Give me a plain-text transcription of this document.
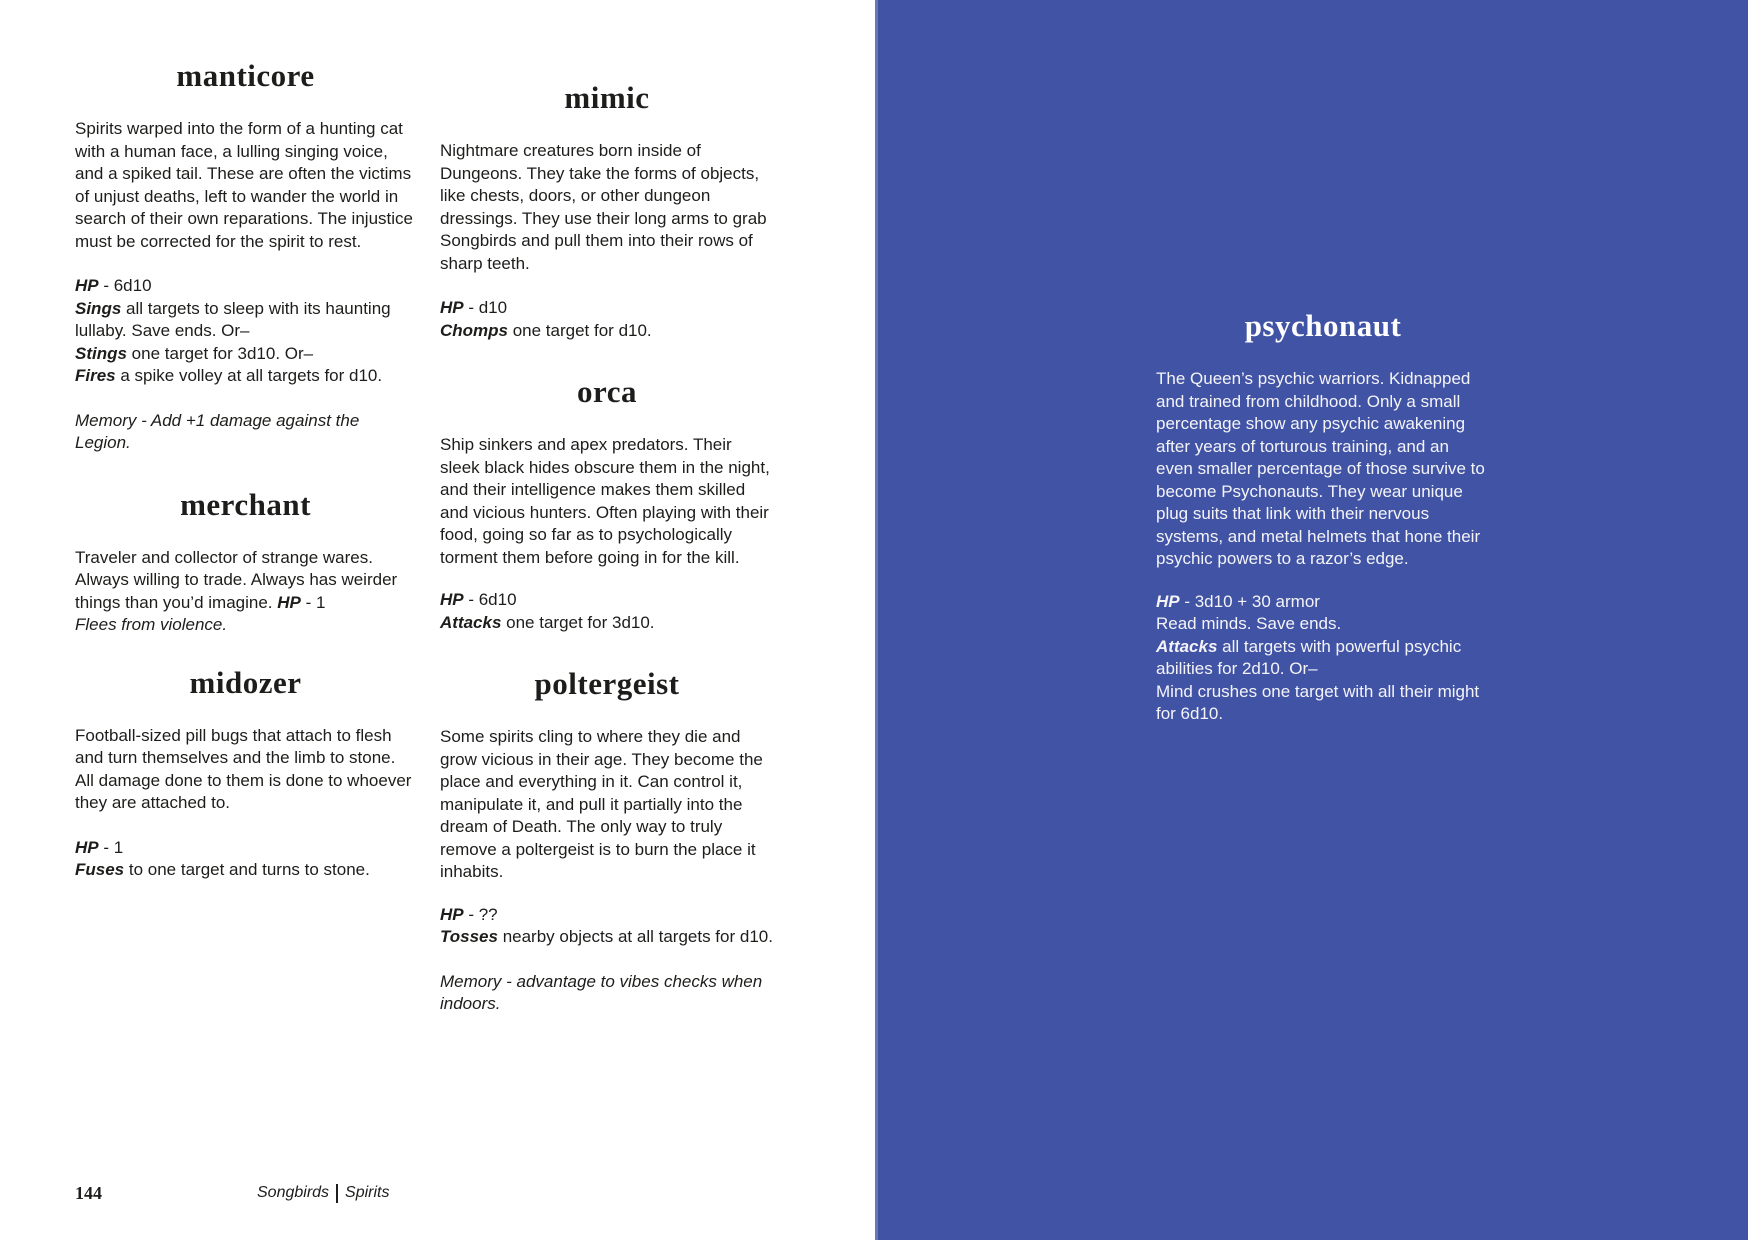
manticore

Spirits warped into the form of a hunting cat with a human face, a lulling singing voice, and a spiked tail. These are often the victims of unjust deaths, left to wander the world in search of their own reparations. The injustice must be corrected for the spirit to rest.

HP - 6d10
Sings all targets to sleep with its haunting lullaby. Save ends. Or–
Stings one target for 3d10. Or–
Fires a spike volley at all targets for d10.

Memory - Add +1 damage against the Legion.

merchant

Traveler and collector of strange wares. Always willing to trade. Always has weirder things than you’d imagine. HP - 1
Flees from violence.

midozer

Football-sized pill bugs that attach to flesh and turn themselves and the limb to stone. All damage done to them is done to whoever they are attached to.

HP - 1
Fuses to one target and turns to stone.
mimic

Nightmare creatures born inside of Dungeons. They take the forms of objects, like chests, doors, or other dungeon dressings. They use their long arms to grab Songbirds and pull them into their rows of sharp teeth.

HP - d10
Chomps one target for d10.
orca

Ship sinkers and apex predators. Their sleek black hides obscure them in the night, and their intelligence makes them skilled and vicious hunters. Often playing with their food, going so far as to psychologically torment them before going in for the kill.

HP - 6d10
Attacks one target for 3d10.
poltergeist

Some spirits cling to where they die and grow vicious in their age. They become the place and everything in it. Can control it, manipulate it, and pull it partially into the dream of Death. The only way to truly remove a poltergeist is to burn the place it inhabits.

HP - ??
Tosses nearby objects at all targets for d10.

Memory - advantage to vibes checks when indoors.

144	Songbirds Spirits
psychonaut

The Queen’s psychic warriors. Kidnapped and trained from childhood. Only a small percentage show any psychic awakening after years of torturous training, and an even smaller percentage of those survive to become Psychonauts. They wear unique plug suits that link with their nervous systems, and metal helmets that hone their psychic powers to a razor’s edge.

HP - 3d10 + 30 armor
Read minds. Save ends.
Attacks all targets with powerful psychic abilities for 2d10. Or–
Mind crushes one target with all their might for 6d10.
